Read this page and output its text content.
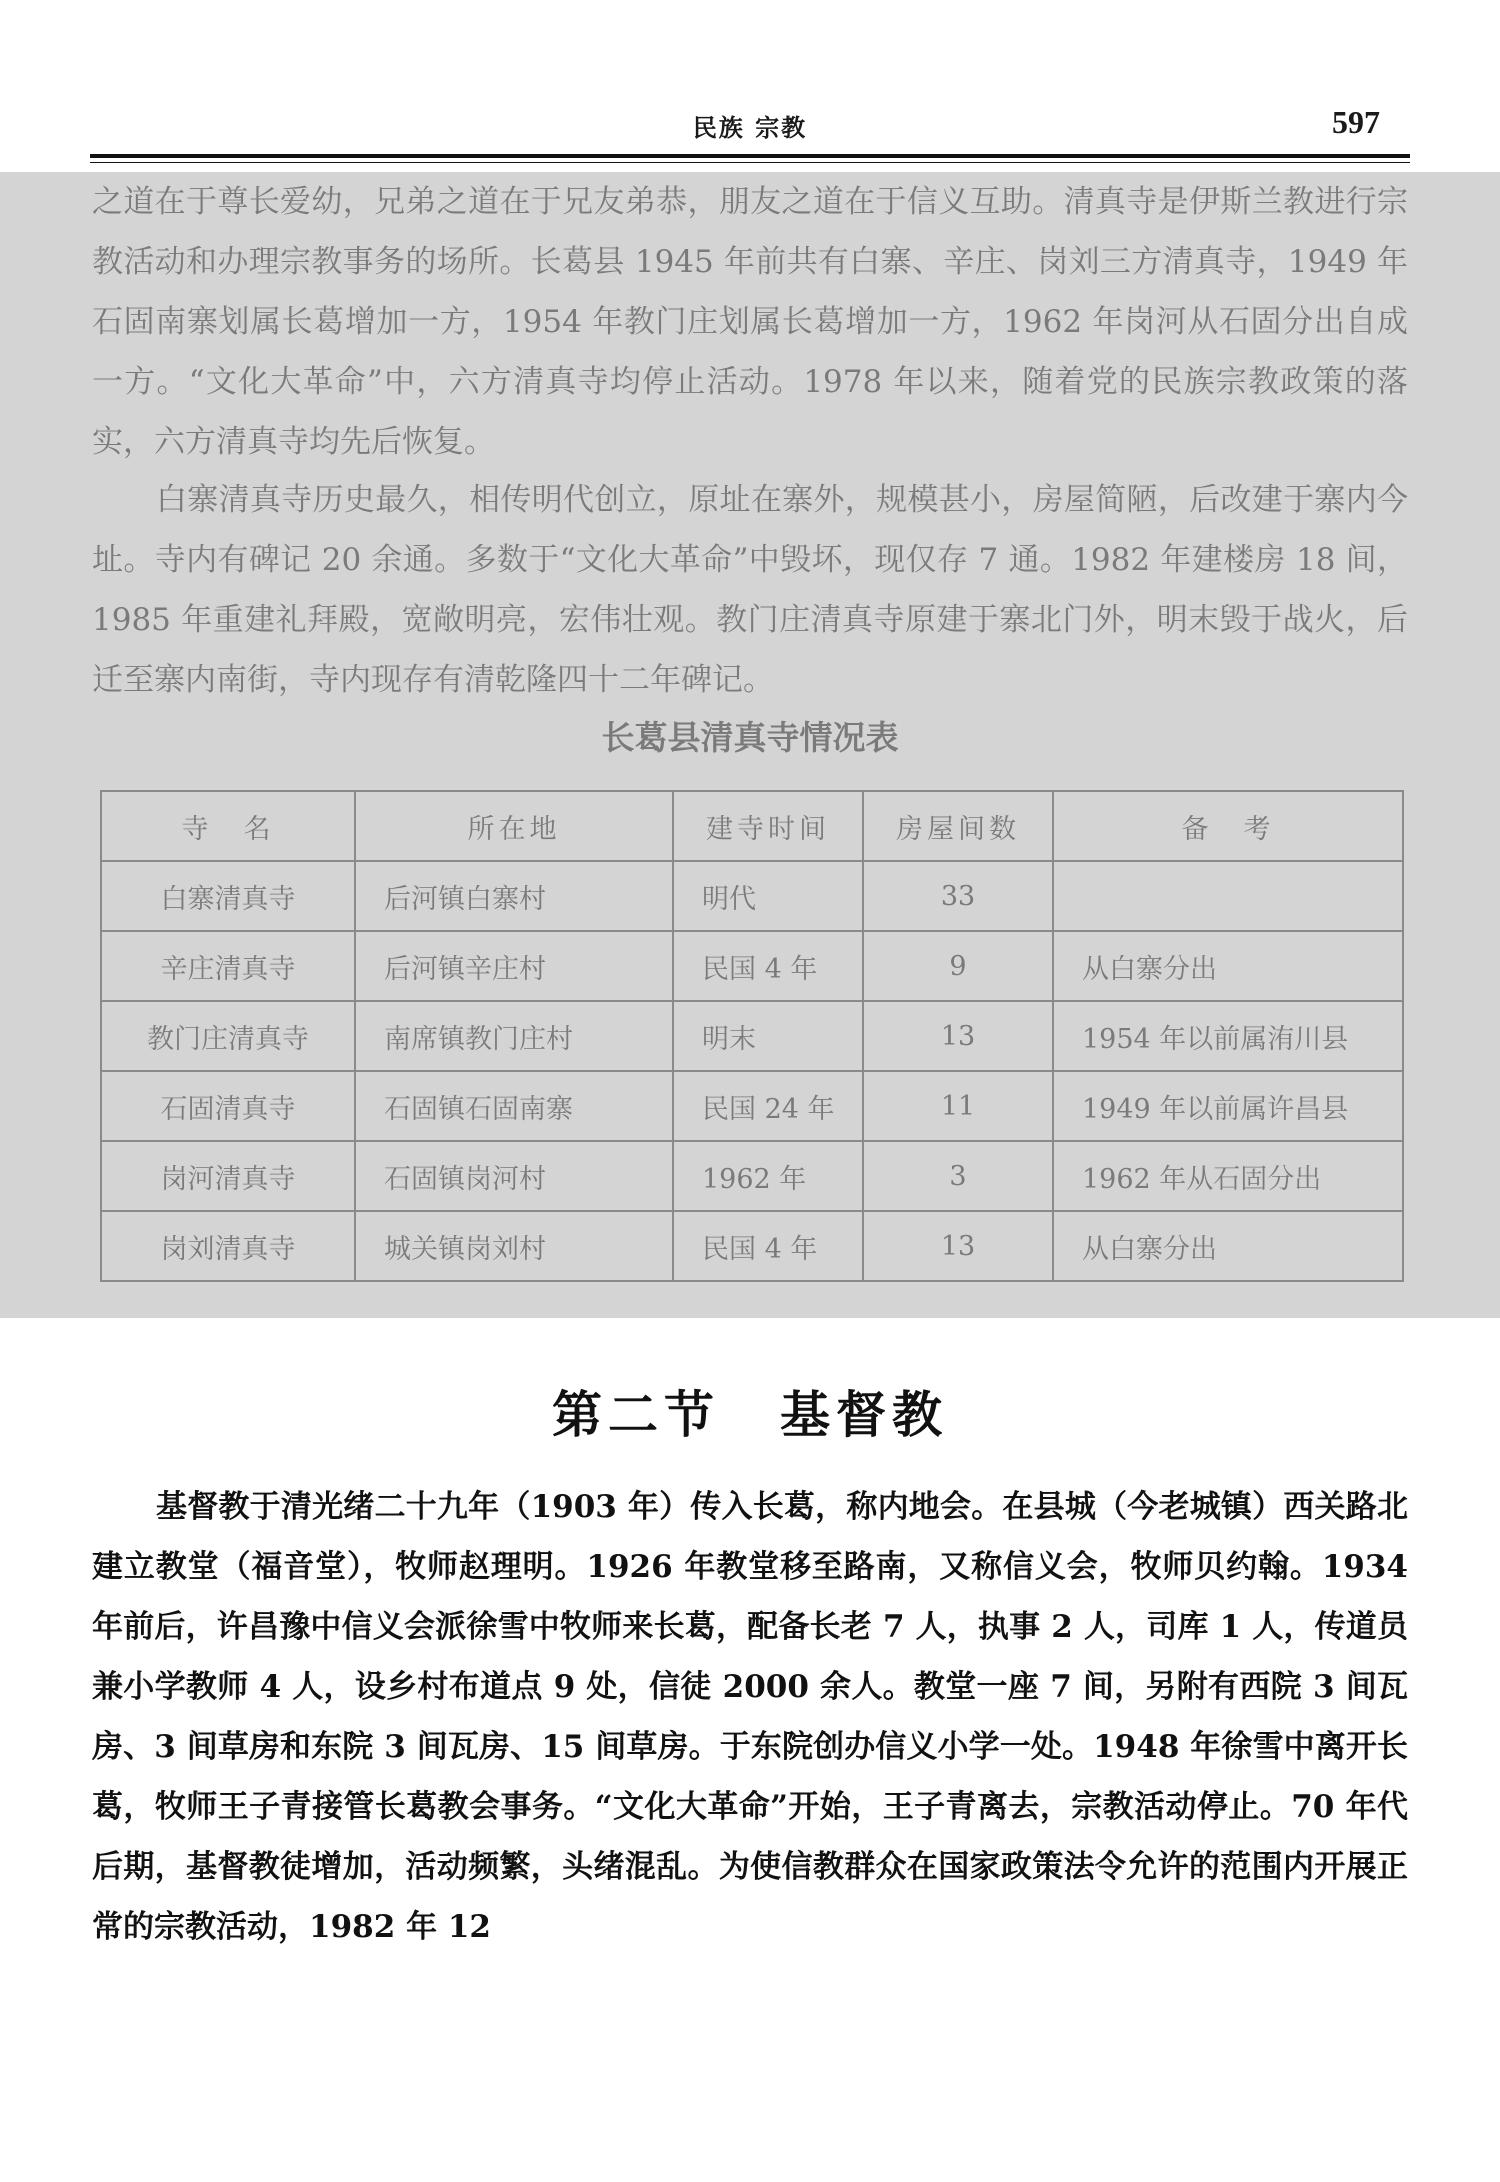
民族 宗教	597

之道在于尊长爱幼，兄弟之道在于兄友弟恭，朋友之道在于信义互助。清真寺是伊斯兰教进行宗教活动和办理宗教事务的场所。长葛县 1945 年前共有白寨、辛庄、岗刘三方清真寺，1949 年石固南寨划属长葛增加一方，1954 年教门庄划属长葛增加一方，1962 年岗河从石固分出自成一方。“文化大革命”中，六方清真寺均停止活动。1978 年以来，随着党的民族宗教政策的落实，六方清真寺均先后恢复。

白寨清真寺历史最久，相传明代创立，原址在寨外，规模甚小，房屋简陋，后改建于寨内今址。寺内有碑记 20 余通。多数于“文化大革命”中毁坏，现仅存 7 通。1982 年建楼房 18 间，1985 年重建礼拜殿，宽敞明亮，宏伟壮观。教门庄清真寺原建于寨北门外，明末毁于战火，后迁至寨内南街，寺内现存有清乾隆四十二年碑记。

长葛县清真寺情况表
寺　名	所在地	建寺时间	房屋间数	备　考
白寨清真寺	后河镇白寨村	明代	33	
辛庄清真寺	后河镇辛庄村	民国 4 年	9	从白寨分出
教门庄清真寺	南席镇教门庄村	明末	13	1954 年以前属洧川县
石固清真寺	石固镇石固南寨	民国 24 年	11	1949 年以前属许昌县
岗河清真寺	石固镇岗河村	1962 年	3	1962 年从石固分出
岗刘清真寺	城关镇岗刘村	民国 4 年	13	从白寨分出
第二节 基督教

基督教于清光绪二十九年（1903 年）传入长葛，称内地会。在县城（今老城镇）西关路北建立教堂（福音堂），牧师赵理明。1926 年教堂移至路南，又称信义会，牧师贝约翰。1934 年前后，许昌豫中信义会派徐雪中牧师来长葛，配备长老 7 人，执事 2 人，司库 1 人，传道员兼小学教师 4 人，设乡村布道点 9 处，信徒 2000 余人。教堂一座 7 间，另附有西院 3 间瓦房、3 间草房和东院 3 间瓦房、15 间草房。于东院创办信义小学一处。1948 年徐雪中离开长葛，牧师王子青接管长葛教会事务。“文化大革命”开始，王子青离去，宗教活动停止。70 年代后期，基督教徒增加，活动频繁，头绪混乱。为使信教群众在国家政策法令允许的范围内开展正常的宗教活动，1982 年 12
